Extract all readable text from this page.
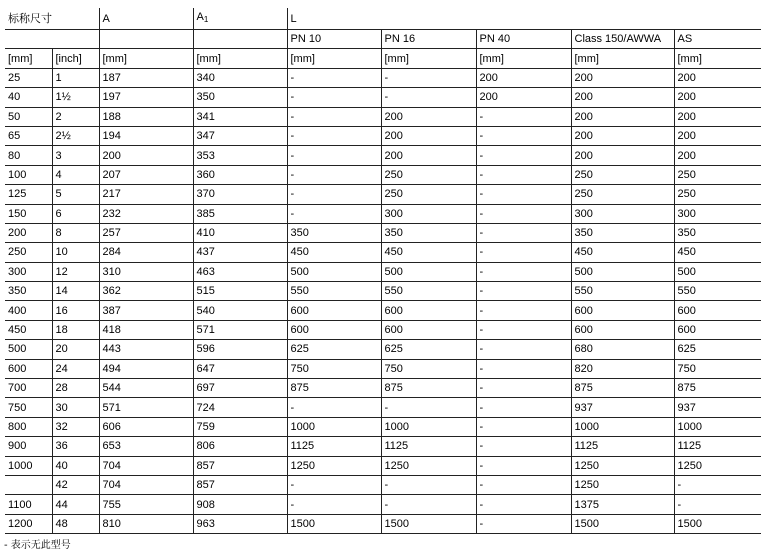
标称尺寸		A	$A_1$	L				
				PN 10	PN 16	PN 40	Class 150/AWWA	AS
[mm]	[inch]	[mm]	[mm]	[mm]	[mm]	[mm]	[mm]	[mm]
25	1	187	340	-	-	200	200	200
40	1½	197	350	-	-	200	200	200
50	2	188	341	-	200	-	200	200
65	2½	194	347	-	200	-	200	200
80	3	200	353	-	200	-	200	200
100	4	207	360	-	250	-	250	250
125	5	217	370	-	250	-	250	250
150	6	232	385	-	300	-	300	300
200	8	257	410	350	350	-	350	350
250	10	284	437	450	450	-	450	450
300	12	310	463	500	500	-	500	500
350	14	362	515	550	550	-	550	550
400	16	387	540	600	600	-	600	600
450	18	418	571	600	600	-	600	600
500	20	443	596	625	625	-	680	625
600	24	494	647	750	750	-	820	750
700	28	544	697	875	875	-	875	875
750	30	571	724	-	-	-	937	937
800	32	606	759	1000	1000	-	1000	1000
900	36	653	806	1125	1125	-	1125	1125
1000	40	704	857	1250	1250	-	1250	1250
	42	704	857	-	-	-	1250	-
1100	44	755	908	-	-	-	1375	-
1200	48	810	963	1500	1500	-	1500	1500
- 表示无此型号
